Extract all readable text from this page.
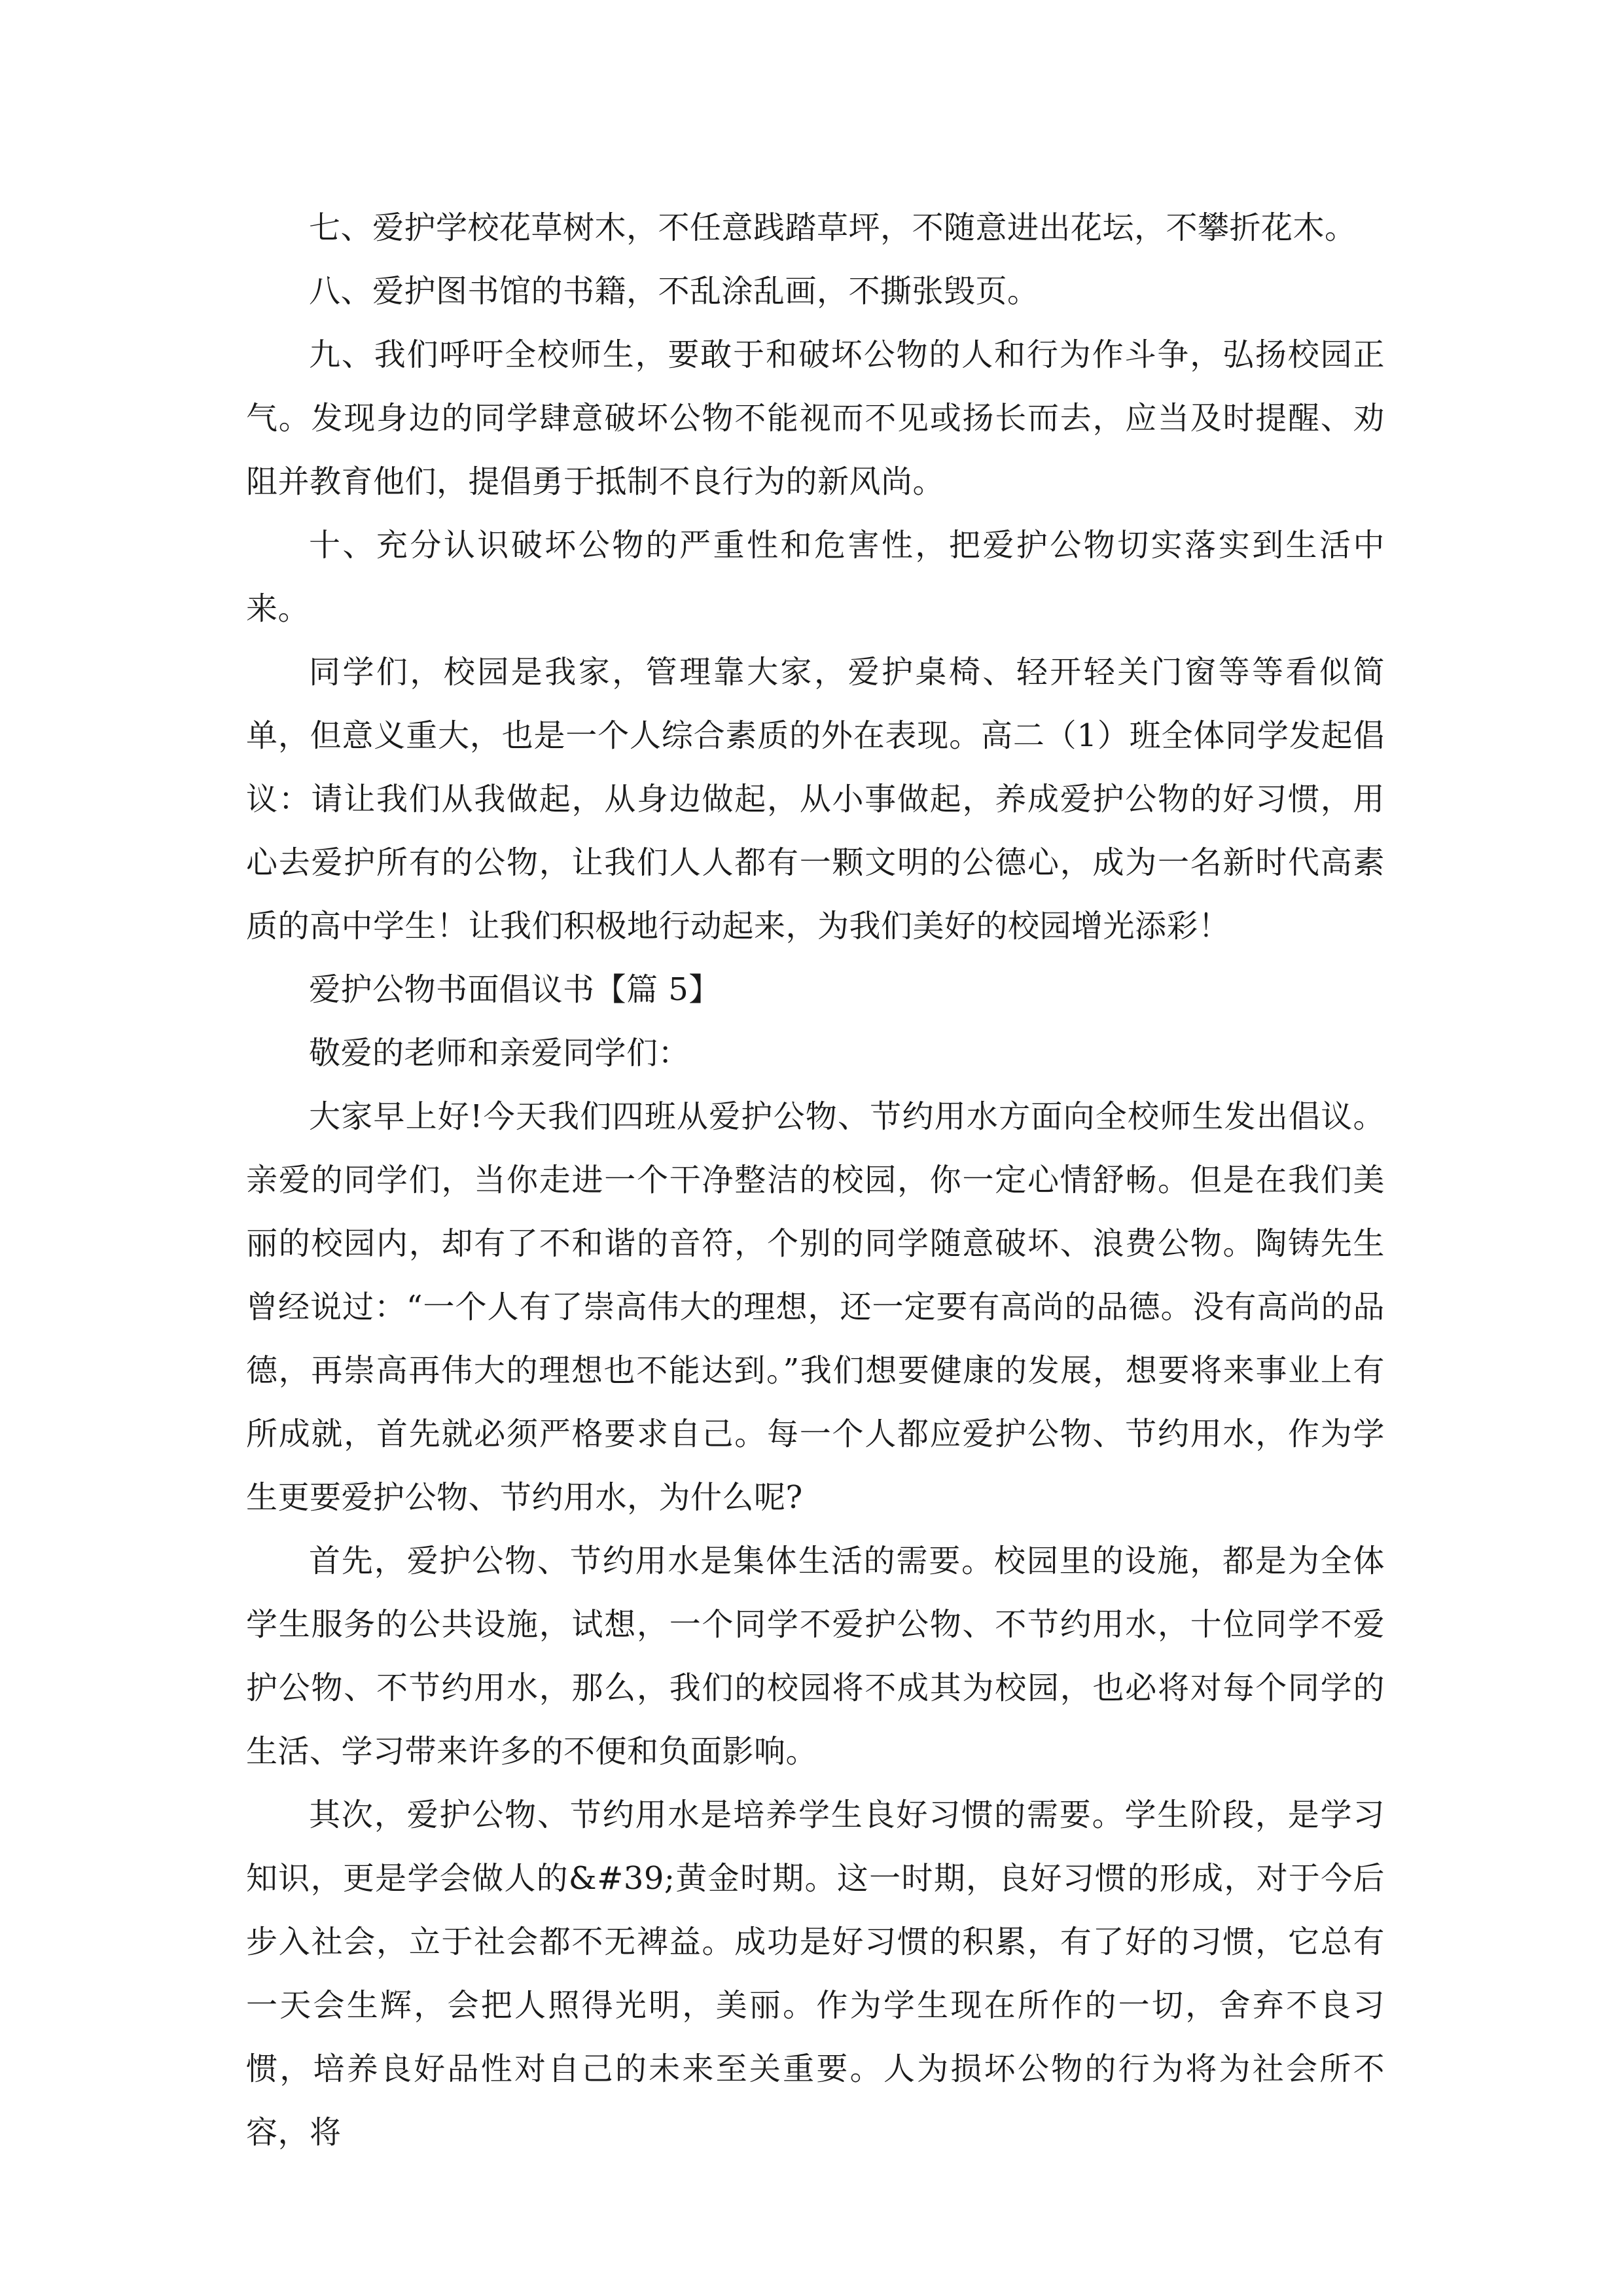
七、爱护学校花草树木，不任意践踏草坪，不随意进出花坛，不攀折花木。

八、爱护图书馆的书籍，不乱涂乱画，不撕张毁页。

九、我们呼吁全校师生，要敢于和破坏公物的人和行为作斗争，弘扬校园正气。发现身边的同学肆意破坏公物不能视而不见或扬长而去，应当及时提醒、劝阻并教育他们，提倡勇于抵制不良行为的新风尚。

十、充分认识破坏公物的严重性和危害性，把爱护公物切实落实到生活中来。

同学们，校园是我家，管理靠大家，爱护桌椅、轻开轻关门窗等等看似简单，但意义重大，也是一个人综合素质的外在表现。高二（1）班全体同学发起倡议：请让我们从我做起，从身边做起，从小事做起，养成爱护公物的好习惯，用心去爱护所有的公物，让我们人人都有一颗文明的公德心，成为一名新时代高素质的高中学生！让我们积极地行动起来，为我们美好的校园增光添彩！

爱护公物书面倡议书【篇 5】

敬爱的老师和亲爱同学们：

大家早上好!今天我们四班从爱护公物、节约用水方面向全校师生发出倡议。亲爱的同学们，当你走进一个干净整洁的校园，你一定心情舒畅。但是在我们美丽的校园内，却有了不和谐的音符，个别的同学随意破坏、浪费公物。陶铸先生曾经说过：“一个人有了崇高伟大的理想，还一定要有高尚的品德。没有高尚的品德，再崇高再伟大的理想也不能达到。”我们想要健康的发展，想要将来事业上有所成就，首先就必须严格要求自己。每一个人都应爱护公物、节约用水，作为学生更要爱护公物、节约用水，为什么呢?

首先，爱护公物、节约用水是集体生活的需要。校园里的设施，都是为全体学生服务的公共设施，试想，一个同学不爱护公物、不节约用水，十位同学不爱护公物、不节约用水，那么，我们的校园将不成其为校园，也必将对每个同学的生活、学习带来许多的不便和负面影响。

其次，爱护公物、节约用水是培养学生良好习惯的需要。学生阶段，是学习知识，更是学会做人的&#39;黄金时期。这一时期，良好习惯的形成，对于今后步入社会，立于社会都不无裨益。成功是好习惯的积累，有了好的习惯，它总有一天会生辉，会把人照得光明，美丽。作为学生现在所作的一切，舍弃不良习惯，培养良好品性对自己的未来至关重要。人为损坏公物的行为将为社会所不容，将
